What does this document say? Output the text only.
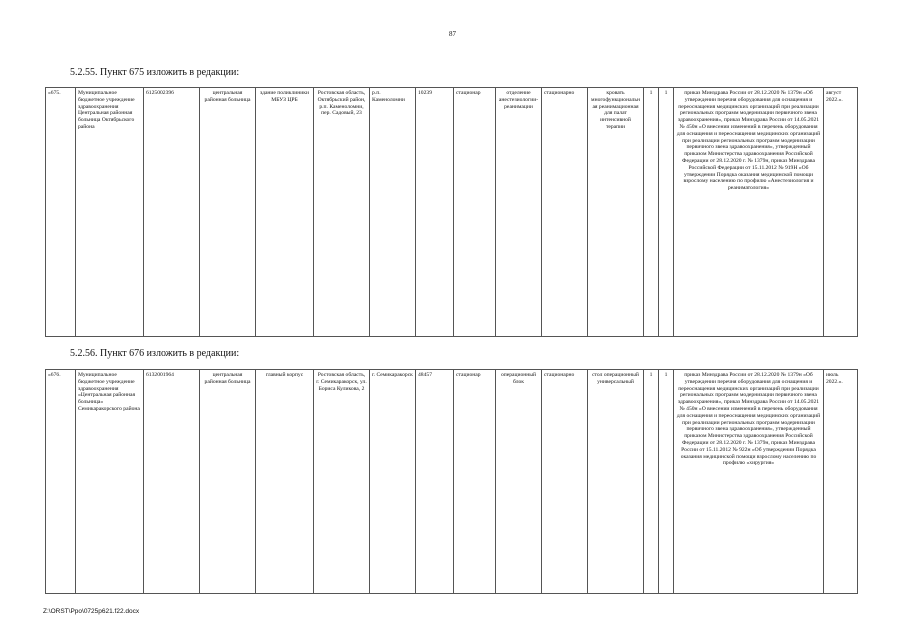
87
5.2.55. Пункт 675 изложить в редакции:
«675.	Муниципальное бюджетное учреждение здравоохранения Центральная районная больница Октябрьского района	6125002396	центральная районная больница	здание поликлиники МБУЗ ЦРБ	Ростовская область, Октябрьский район, р.п. Каменоломни, пер. Садовый, 23	р.п. Каменоломни	10239	стационар	отделение анестезиологии-реанимации	стационарно	кровать многофункциональная реанимационная для палат интенсивной терапии	1	1	приказ Минздрава России от 28.12.2020 № 1379н «Об утверждении перечня оборудования для оснащения и переоснащения медицинских организаций при реализации региональных программ модернизации первичного звена здравоохранения», приказ Минздрава России от 14.05.2021 № 450н «О внесении изменений в перечень оборудования для оснащения и переоснащения медицинских организаций при реализации региональных программ модернизации первичного звена здравоохранения», утвержденный приказом Министерства здравоохранения Российской Федерации от 28.12.2020 г. № 1379н, приказ Минздрава Российской Федерации от 15.11.2012 № 919Н «Об утверждении Порядка оказания медицинской помощи взрослому населению по профилю «Анестезиология и реаниматология»	август 2022.».
5.2.56. Пункт 676 изложить в редакции:
«676.	Муниципальное бюджетное учреждение здравоохранения «Центральная районная больница» Семикаракорского района	6132001964	центральная районная больница	главный корпус	Ростовская область, г. Семикаракорск, ул. Бориса Куликова, 2	г. Семикаракорск	48457	стационар	операционный блок	стационарно	стол операционный универсальный	1	1	приказ Минздрава России от 28.12.2020 № 1379н «Об утверждении перечня оборудования для оснащения и переоснащения медицинских организаций при реализации региональных программ модернизации первичного звена здравоохранения», приказ Минздрава России от 14.05.2021 № 450н «О внесении изменений в перечень оборудования для оснащения и переоснащения медицинских организаций при реализации региональных программ модернизации первичного звена здравоохранения», утвержденный приказом Министерства здравоохранения Российской Федерации от 28.12.2020 г. № 1379н, приказ Минздрава России от 15.11.2012 № 922н «Об утверждении Порядка оказания медицинской помощи взрослому населению по профилю «хирургия»	июль 2022.».
Z:\ORST\Ppo\0725p621.f22.docx
